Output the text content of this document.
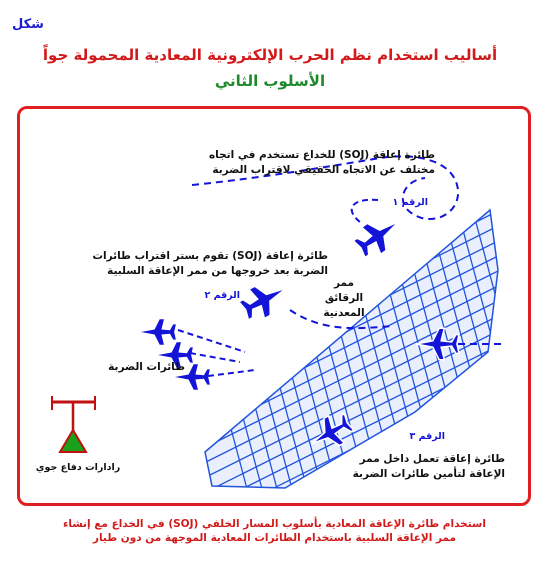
شكل
أساليب استخدام نظم الحرب الإلكترونية المعادية المحمولة جواً
الأسلوب الثاني
طائرة إعاقة (SOJ) للخداع تستخدم في اتجاه مختلف عن الاتجاه الحقيقي لاقتراب الضربة
الرقم ١
طائرة إعاقة (SOJ) تقوم بستر اقتراب طائرات الضربة بعد خروجها من ممر الإعاقة السلبية
الرقم ٢
ممر الرقائق المعدنية
طائرات الضربة
الرقم ٣
طائرة إعاقة تعمل داخل ممر الإعاقة لتأمين طائرات الضربة
رادارات دفاع جوي
استخدام طائرة الإعاقة المعادية بأسلوب المسار الخلفي (SOJ) في الخداع مع إنشاء
ممر الإعاقة السلبية باستخدام الطائرات المعادية الموجهة من دون طيار
